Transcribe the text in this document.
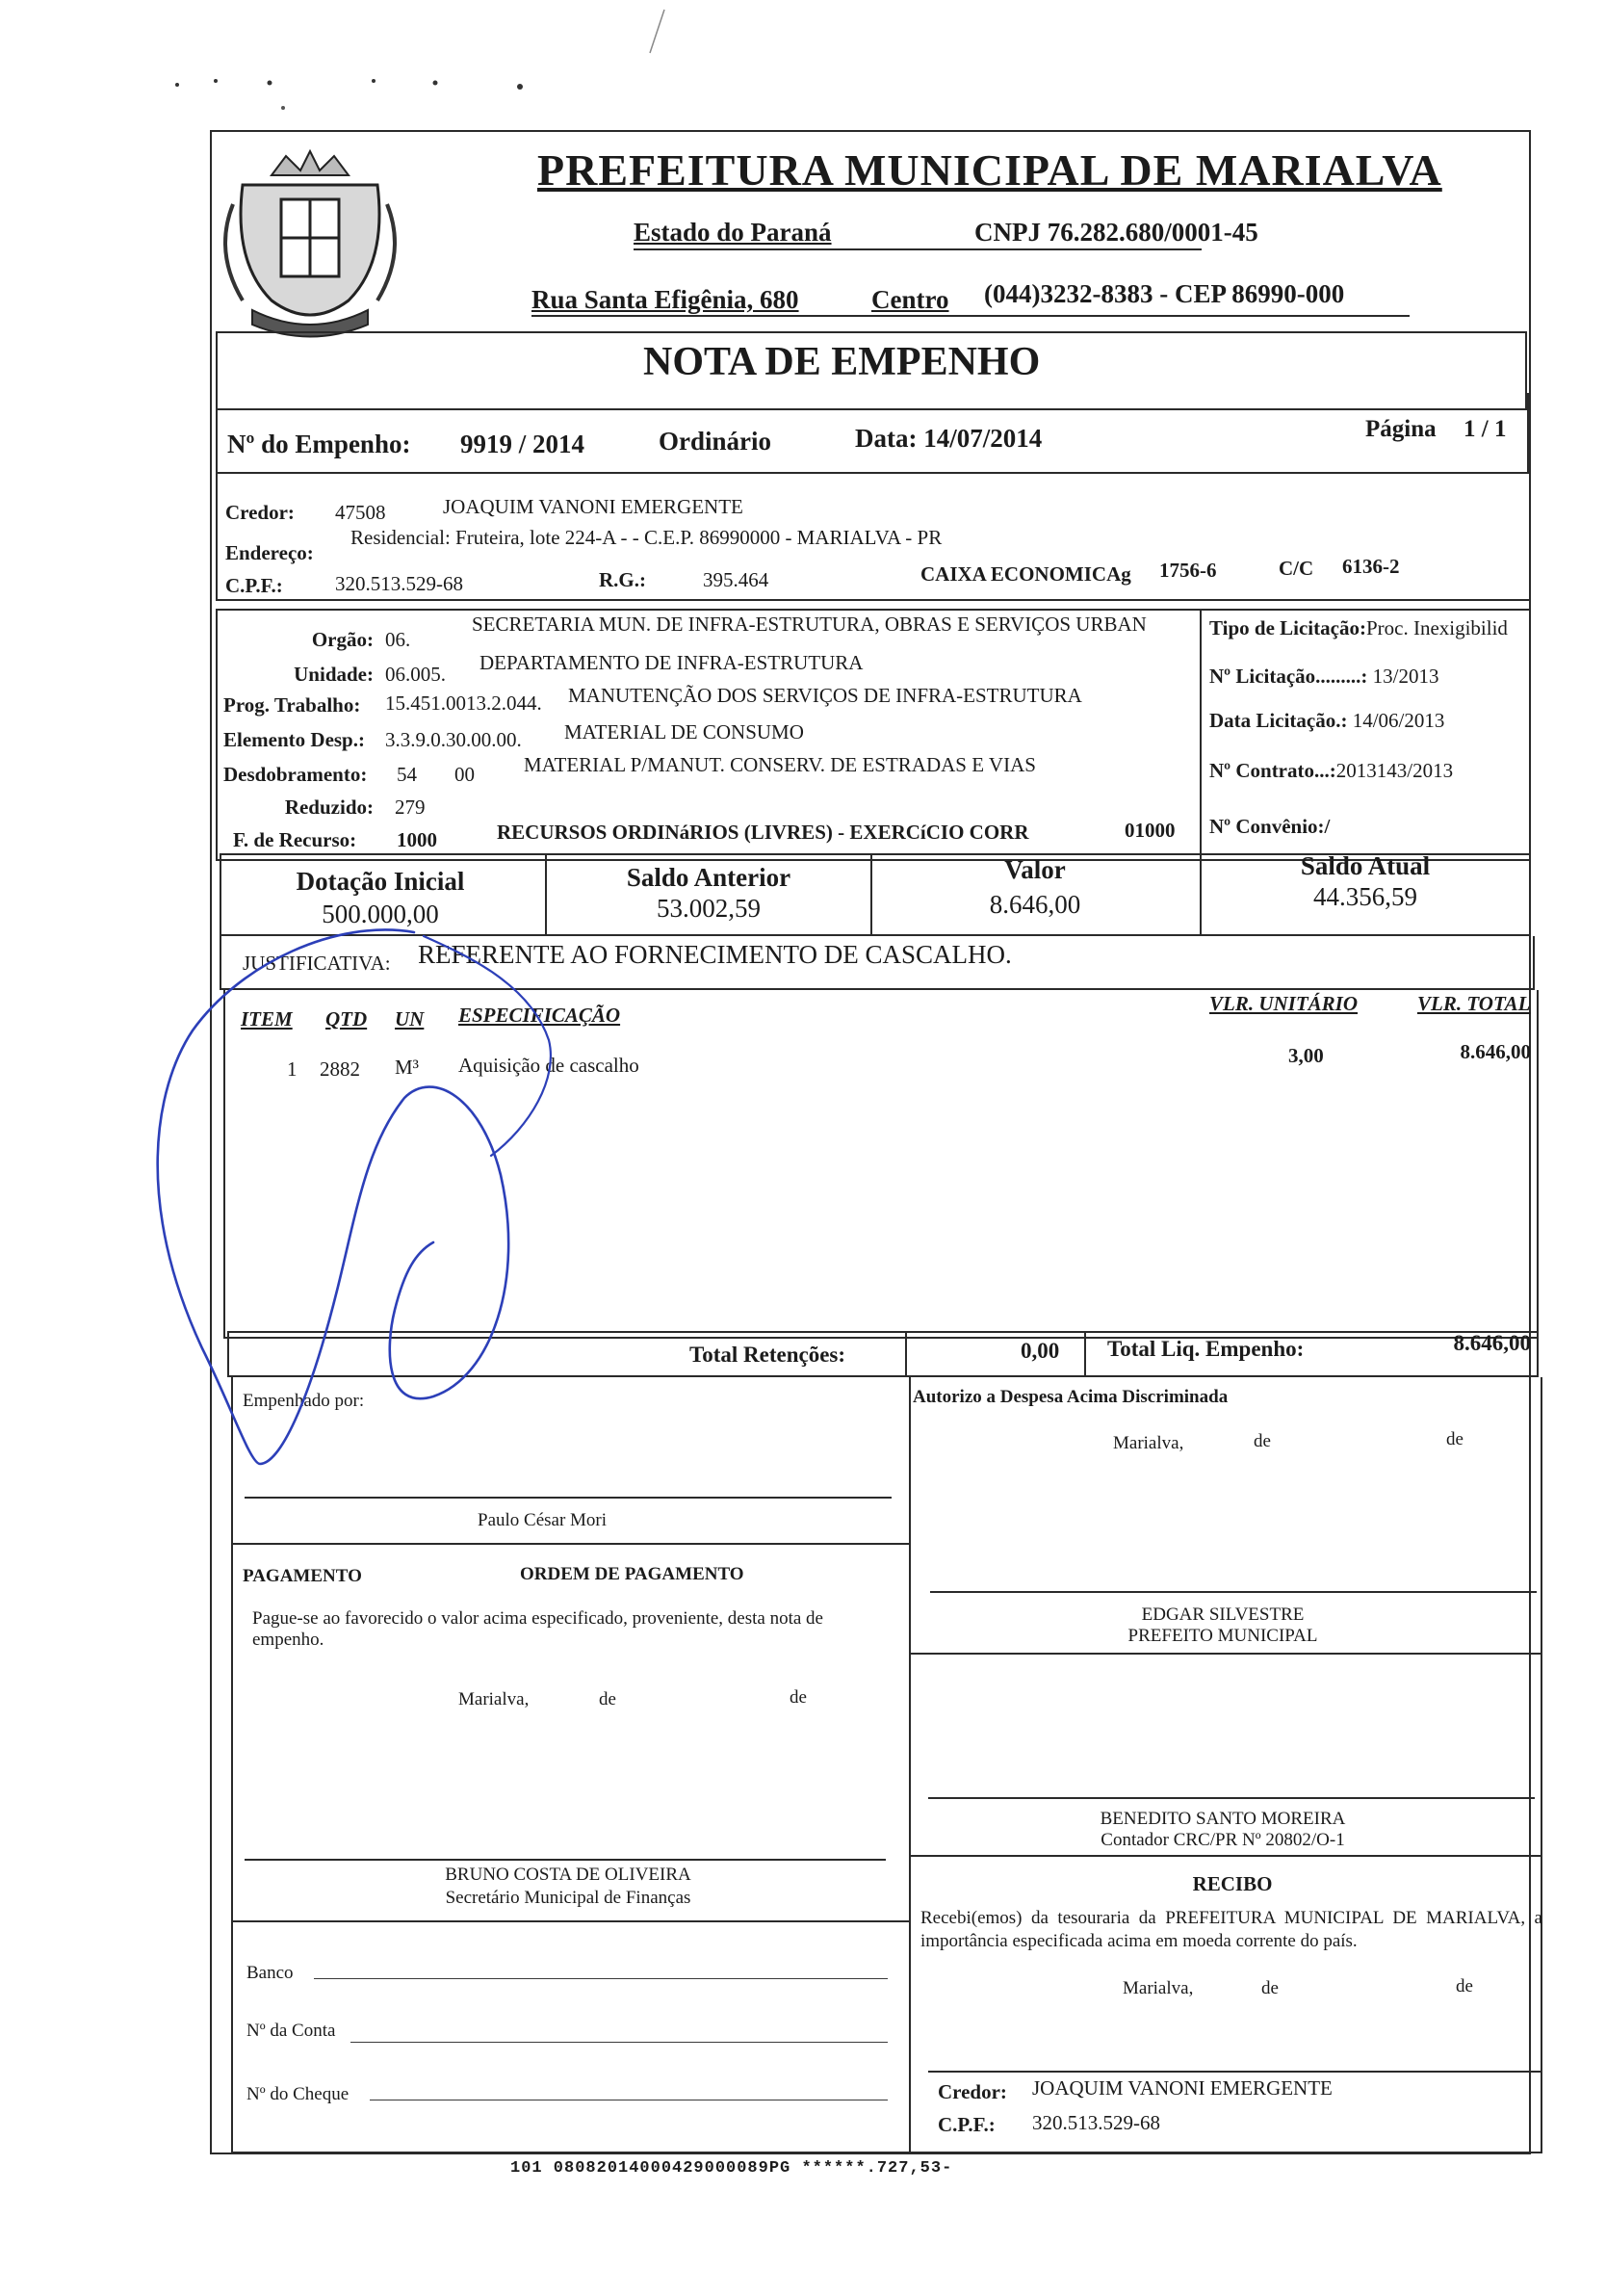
PREFEITURA MUNICIPAL DE MARIALVA
Estado do Paraná	CNPJ 76.282.680/0001-45
Rua Santa Efigênia, 680	Centro (044)3232-8383 - CEP 86990-000
NOTA DE EMPENHO
Nº do Empenho: 9919 / 2014	Ordinário	Data: 14/07/2014	Página 1 / 1
Credor: 47508	JOAQUIM VANONI EMERGENTE
Endereço:
Residencial: Fruteira, lote 224-A - - C.E.P. 86990000 - MARIALVA - PR
C.P.F.:	320.513.529-68	R.G.:	395.464	CAIXA ECONOMICAg 1756-6	C/C 6136-2
Orgão: 06.
SECRETARIA MUN. DE INFRA-ESTRUTURA, OBRAS E SERVIÇOS URBAN
Unidade: 06.005. DEPARTAMENTO DE INFRA-ESTRUTURA
Prog. Trabalho: 15.451.0013.2.044. MANUTENÇÃO DOS SERVIÇOS DE INFRA-ESTRUTURA
Elemento Desp.: 3.3.9.0.30.00.00. MATERIAL DE CONSUMO
Desdobramento: 54 00 MATERIAL P/MANUT. CONSERV. DE ESTRADAS E VIAS
Reduzido: 279
F. de Recurso: 1000	RECURSOS ORDINáRIOS (LIVRES) - EXERCíCIO CORR	01000
Tipo de Licitação:Proc. Inexigibilid
Nº Licitação.........: 13/2013
Data Licitação.: 14/06/2013
Nº Contrato...:2013143/2013
Nº Convênio:/
Dotação Inicial
500.000,00
Saldo Anterior
53.002,59
Valor
8.646,00
Saldo Atual
44.356,59
JUSTIFICATIVA: REFERENTE AO FORNECIMENTO DE CASCALHO.
ITEM QTD UN ESPECIFICAÇÃO	VLR. UNITÁRIO	VLR. TOTAL
1 2882 M³ Aquisição de cascalho	3,00	8.646,00
Total Retenções:	0,00 Total Liq. Empenho:	8.646,00
Empenhado por:
Paulo César Mori
Autorizo a Despesa Acima Discriminada
Marialva,	de	de
EDGAR SILVESTRE
PREFEITO MUNICIPAL
PAGAMENTO	ORDEM DE PAGAMENTO
Pague-se ao favorecido o valor acima especificado, proveniente, desta nota de empenho.
Marialva,	de	de
BENEDITO SANTO MOREIRA
Contador CRC/PR Nº 20802/O-1
BRUNO COSTA DE OLIVEIRA
Secretário Municipal de Finanças
RECIBO
Recebi(emos) da tesouraria da PREFEITURA MUNICIPAL DE MARIALVA, a importância especificada acima em moeda corrente do país.
Marialva,	de	de
Credor: JOAQUIM VANONI EMERGENTE
C.P.F.: 320.513.529-68
Banco
Nº da Conta
Nº do Cheque
101 08082014000429000089PG ******.727,53-
